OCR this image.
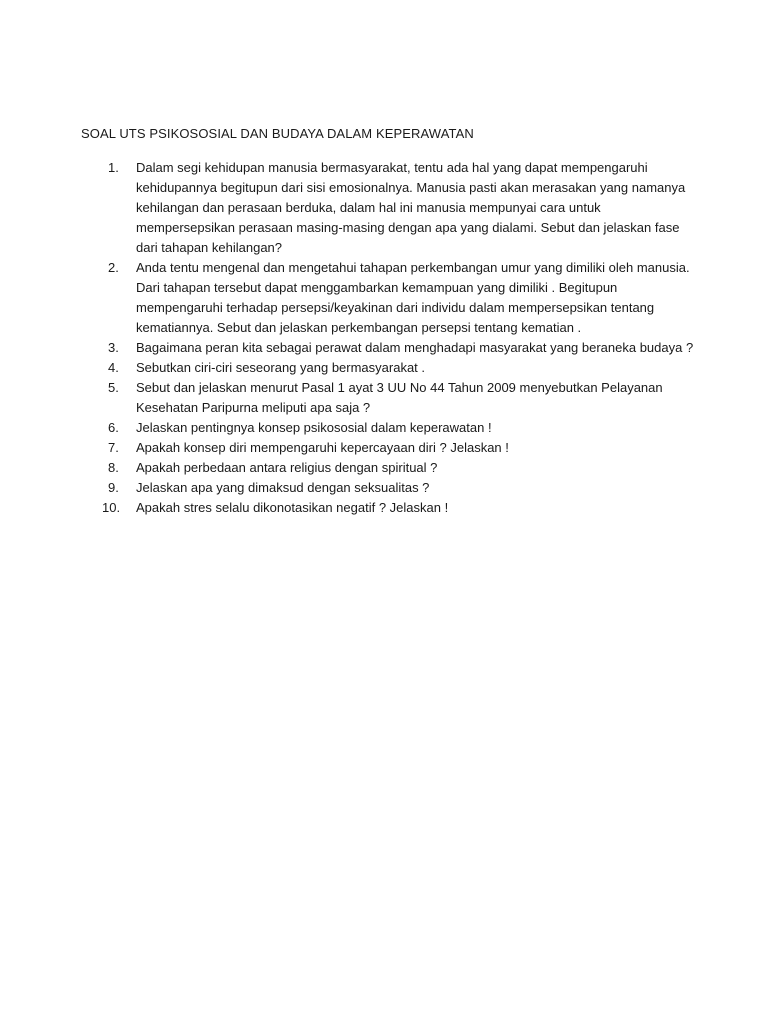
SOAL UTS PSIKOSOSIAL DAN BUDAYA DALAM KEPERAWATAN
1.	Dalam segi kehidupan manusia bermasyarakat, tentu ada hal yang dapat mempengaruhi kehidupannya begitupun dari sisi emosionalnya. Manusia pasti akan merasakan yang namanya kehilangan dan perasaan berduka, dalam hal ini manusia mempunyai cara untuk mempersepsikan perasaan masing-masing dengan apa yang dialami. Sebut dan jelaskan fase dari tahapan kehilangan?
2.	Anda tentu mengenal dan mengetahui tahapan perkembangan umur yang dimiliki oleh manusia. Dari tahapan tersebut dapat menggambarkan kemampuan yang dimiliki . Begitupun mempengaruhi terhadap persepsi/keyakinan dari individu dalam mempersepsikan tentang kematiannya. Sebut dan jelaskan perkembangan persepsi tentang kematian .
3.	Bagaimana peran kita sebagai perawat dalam menghadapi masyarakat yang beraneka budaya ?
4.	Sebutkan ciri-ciri seseorang yang bermasyarakat .
5.	Sebut dan jelaskan menurut Pasal 1 ayat 3 UU No 44 Tahun 2009 menyebutkan Pelayanan Kesehatan Paripurna meliputi apa saja ?
6.	Jelaskan pentingnya konsep psikososial dalam keperawatan !
7.	Apakah konsep diri mempengaruhi kepercayaan diri ? Jelaskan !
8.	Apakah perbedaan antara religius dengan spiritual ?
9.	Jelaskan apa yang dimaksud dengan seksualitas ?
10.	Apakah stres selalu dikonotasikan negatif ? Jelaskan !
